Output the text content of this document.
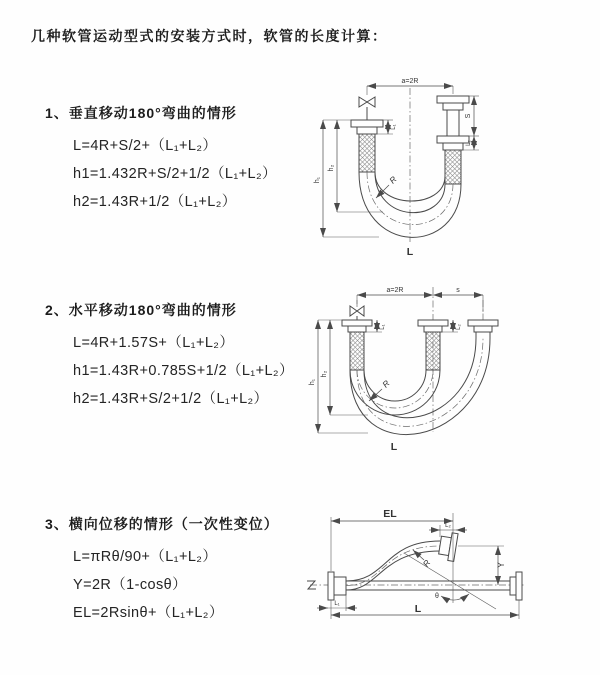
几种软管运动型式的安装方式时，软管的长度计算：
1、垂直移动180°弯曲的情形
L=4R+S/2+（L₁+L₂）
h1=1.432R+S/2+1/2（L₁+L₂）
h2=1.43R+1/2（L₁+L₂）
a=2R
h₁
h₂
L₁
S
L₂
R
L
2、水平移动180°弯曲的情形
L=4R+1.57S+（L₁+L₂）
h1=1.43R+0.785S+1/2（L₁+L₂）
h2=1.43R+S/2+1/2（L₁+L₂）
a=2R	s
h₁
h₂
L₁	L₂
R
L
3、横向位移的情形（一次性变位）
L=πRθ/90+（L₁+L₂）
Y=2R（1-cosθ）
EL=2Rsinθ+（L₁+L₂）
θ
R
EL
L₂
Y
L
L₁
